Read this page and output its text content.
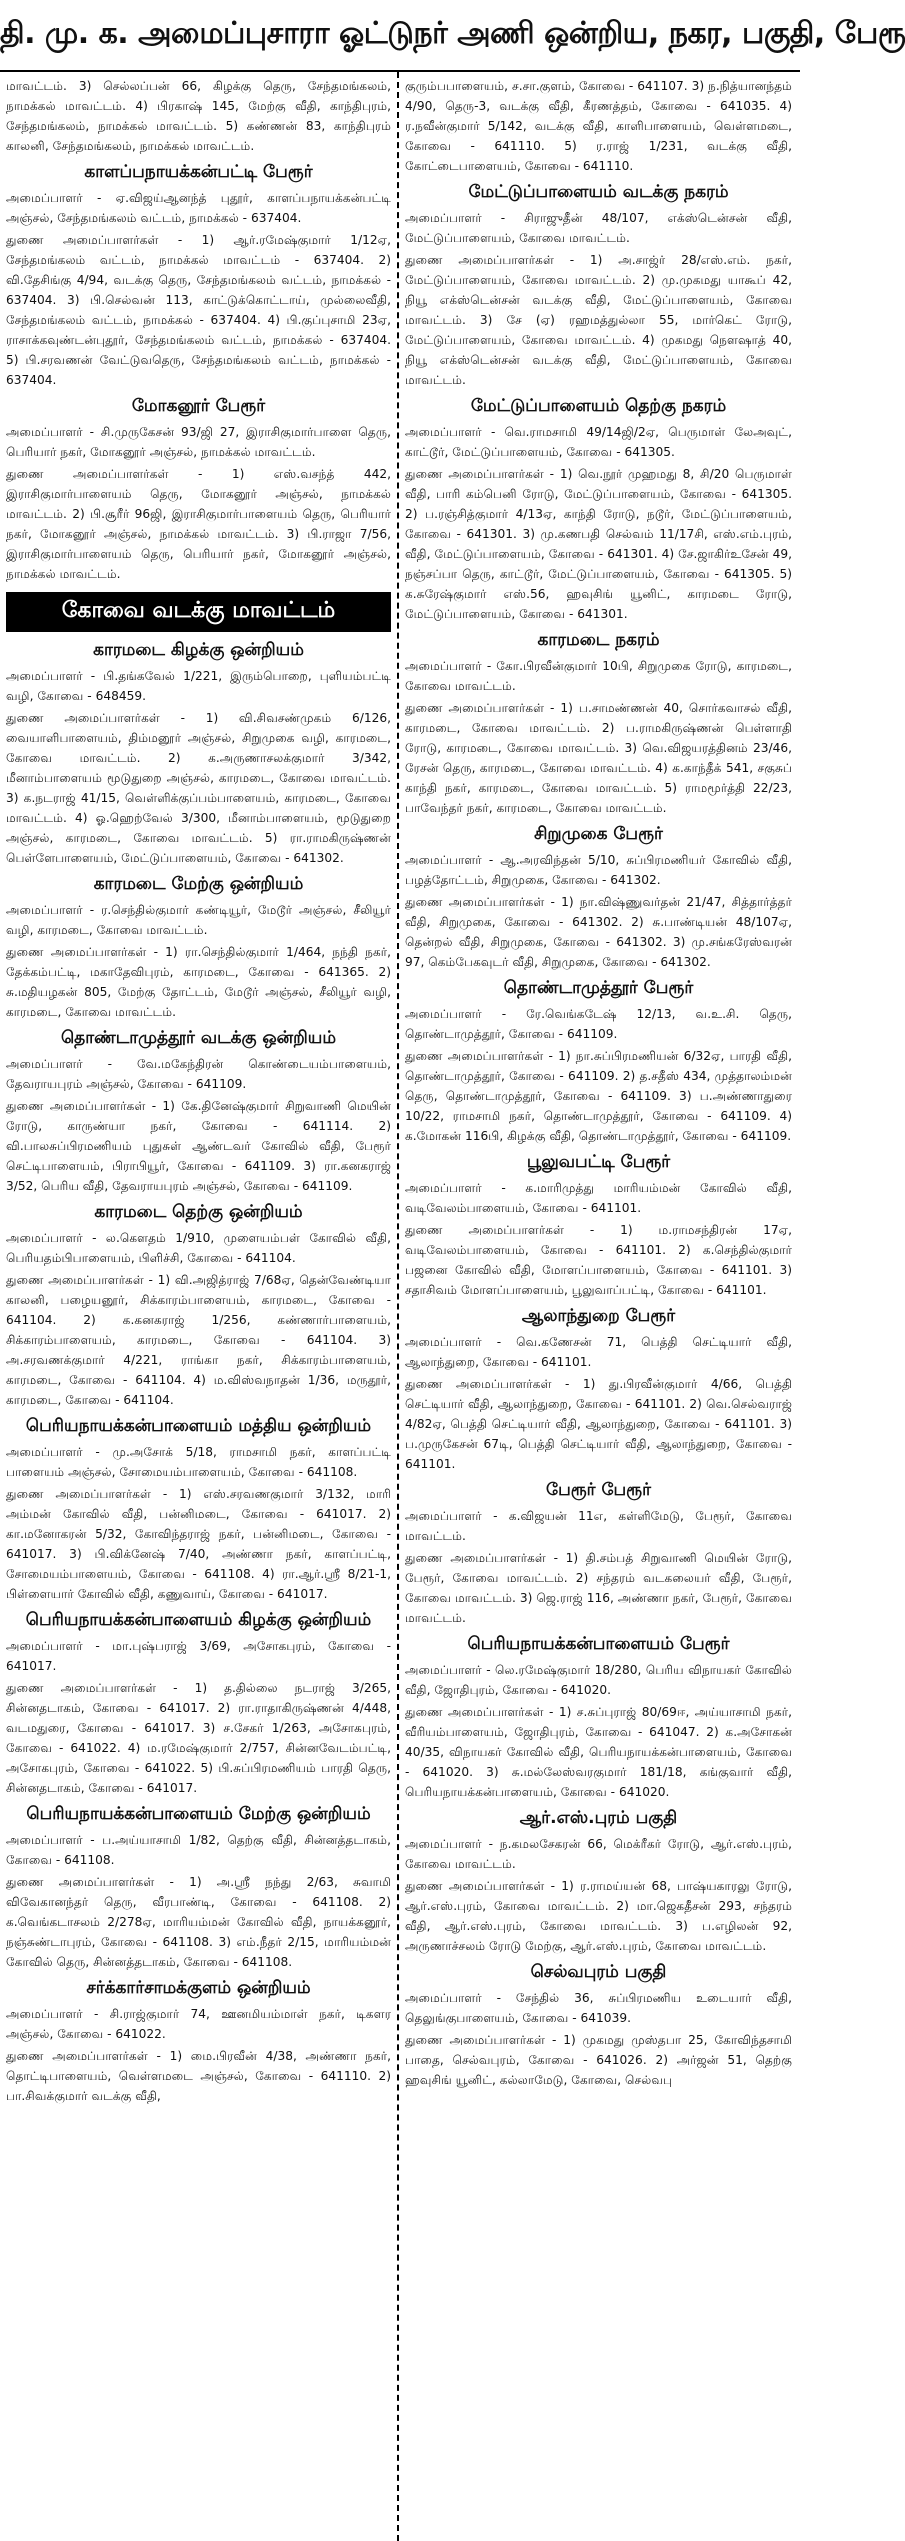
தி. மு. க. அமைப்புசாரா ஓட்டுநர் அணி ஒன்றிய, நகர, பகுதி, பேரூ

மாவட்டம். 3) செல்லப்பன் 66, கிழக்கு தெரு, சேந்தமங்கலம், நாமக்கல் மாவட்டம். 4) பிரகாஷ் 145, மேற்கு வீதி, காந்திபுரம், சேந்தமங்கலம், நாமக்கல் மாவட்டம். 5) கண்ணன் 83, காந்திபுரம் காலனி, சேந்தமங்கலம், நாமக்கல் மாவட்டம்.

காளப்பநாயக்கன்பட்டி பேரூர்

அமைப்பாளர் - ஏ.விஜய்ஆனந்த் புதூர், காளப்பநாயக்கன்பட்டி அஞ்சல், சேந்தமங்கலம் வட்டம், நாமக்கல் - 637404.

துணை அமைப்பாளர்கள் - 1) ஆர்.ரமேஷ்குமார் 1/12ஏ, சேந்தமங்கலம் வட்டம், நாமக்கல் மாவட்டம் - 637404. 2) வி.தேசிங்கு 4/94, வடக்கு தெரு, சேந்தமங்கலம் வட்டம், நாமக்கல் - 637404. 3) பி.செல்வன் 113, காட்டுக்கொட்டாய், முல்லைவீதி, சேந்தமங்கலம் வட்டம், நாமக்கல் - 637404. 4) பி.குப்புசாமி 23ஏ, ராசாக்கவுண்டன்புதூர், சேந்தமங்கலம் வட்டம், நாமக்கல் - 637404. 5) பி.சரவணன் வேட்டுவதெரு, சேந்தமங்கலம் வட்டம், நாமக்கல் - 637404.

மோகனூர் பேரூர்

அமைப்பாளர் - சி.முருகேசன் 93/ஜி 27, இராசிகுமார்பாளை தெரு, பெரியார் நகர், மோகனூர் அஞ்சல், நாமக்கல் மாவட்டம்.

துணை அமைப்பாளர்கள் - 1) எஸ்.வசந்த் 442, இராசிகுமார்பாளையம் தெரு, மோகனூர் அஞ்சல், நாமக்கல் மாவட்டம். 2) பி.சூரீர் 96ஜி, இராசிகுமார்பாளையம் தெரு, பெரியார் நகர், மோகனூர் அஞ்சல், நாமக்கல் மாவட்டம். 3) பி.ராஜா 7/56, இராசிகுமார்பாளையம் தெரு, பெரியார் நகர், மோகனூர் அஞ்சல், நாமக்கல் மாவட்டம்.

கோவை வடக்கு மாவட்டம்
காரமடை கிழக்கு ஒன்றியம்

அமைப்பாளர் - பி.தங்கவேல் 1/221, இரும்பொறை, புளியம்பட்டி வழி, கோவை - 648459.

துணை அமைப்பாளர்கள் - 1) வி.சிவசண்முகம் 6/126, வையாளிபாளையம், திம்மனூர் அஞ்சல், சிறுமுகை வழி, காரமடை, கோவை மாவட்டம். 2) க.அருணாசலக்குமார் 3/342, மீனாம்பாளையம் மூடுதுறை அஞ்சல், காரமடை, கோவை மாவட்டம். 3) க.நடராஜ் 41/15, வெள்ளிக்குப்பம்பாளையம், காரமடை, கோவை மாவட்டம். 4) ஓ.ஹெற்வேல் 3/300, மீனாம்பாளையம், மூடுதுறை அஞ்சல், காரமடை, கோவை மாவட்டம். 5) ரா.ராமகிருஷ்ணன் பெள்ளேபாளையம், மேட்டுப்பாளையம், கோவை - 641302.

காரமடை மேற்கு ஒன்றியம்

அமைப்பாளர் - ர.செந்தில்குமார் கண்டியூர், மேடூர் அஞ்சல், சீலியூர் வழி, காரமடை, கோவை மாவட்டம்.

துணை அமைப்பாளர்கள் - 1) ரா.செந்தில்குமார் 1/464, நந்தி நகர், தேக்கம்பட்டி, மகாதேவிபுரம், காரமடை, கோவை - 641365. 2) சு.மதியழகன் 805, மேற்கு தோட்டம், மேடூர் அஞ்சல், சீலியூர் வழி, காரமடை, கோவை மாவட்டம்.

தொண்டாமுத்தூர் வடக்கு ஒன்றியம்

அமைப்பாளர் - வே.மகேந்திரன் கொண்டையம்பாளையம், தேவராயபுரம் அஞ்சல், கோவை - 641109.

துணை அமைப்பாளர்கள் - 1) கே.தினேஷ்குமார் சிறுவாணி மெயின் ரோடு, காருண்யா நகர், கோவை - 641114. 2) வி.பாலசுப்பிரமணியம் புதுசுள் ஆண்டவர் கோவில் வீதி, பேரூர் செட்டிபாளையம், பிராபியூர், கோவை - 641109. 3) ரா.கனகராஜ் 3/52, பெரிய வீதி, தேவராயபுரம் அஞ்சல், கோவை - 641109.

காரமடை தெற்கு ஒன்றியம்

அமைப்பாளர் - ல.கௌதம் 1/910, முளையம்பள் கோவில் வீதி, பெரியதம்பிபாளையம், பிளிச்சி, கோவை - 641104.

துணை அமைப்பாளர்கள் - 1) வி.அஜித்ராஜ் 7/68ஏ, தென்வேண்டியா காலனி, பழையனூர், சிக்காரம்பாளையம், காரமடை, கோவை - 641104. 2) க.கனகராஜ் 1/256, கண்ணார்பாளையம், சிக்காரம்பாளையம், காரமடை, கோவை - 641104. 3) அ.சரவணக்குமார் 4/221, ராங்கா நகர், சிக்காரம்பாளையம், காரமடை, கோவை - 641104. 4) ம.விஸ்வநாதன் 1/36, மருதூர், காரமடை, கோவை - 641104.

பெரியநாயக்கன்பாளையம் மத்திய ஒன்றியம்

அமைப்பாளர் - மு.அசோக் 5/18, ராமசாமி நகர், காளப்பட்டி பாளையம் அஞ்சல், சோமையம்பாளையம், கோவை - 641108.

துணை அமைப்பாளர்கள் - 1) எஸ்.சரவணகுமார் 3/132, மாரி அம்மன் கோவில் வீதி, பன்னிமடை, கோவை - 641017. 2) கா.மனோகரன் 5/32, கோவிந்தராஜ் நகர், பன்னிமடை, கோவை - 641017. 3) பி.விக்னேஷ் 7/40, அண்ணா நகர், காளப்பட்டி, சோமையம்பாளையம், கோவை - 641108. 4) ரா.ஆர்.ஸ்ரீ 8/21-1, பிள்ளையார் கோவில் வீதி, கணுவாய், கோவை - 641017.

பெரியநாயக்கன்பாளையம் கிழக்கு ஒன்றியம்

அமைப்பாளர் - மா.புஷ்பராஜ் 3/69, அசோகபுரம், கோவை - 641017.

துணை அமைப்பாளர்கள் - 1) த.தில்லை நடராஜ் 3/265, சின்னதடாகம், கோவை - 641017. 2) ரா.ராதாகிருஷ்ணன் 4/448, வடமதுரை, கோவை - 641017. 3) ச.சேகர் 1/263, அசோகபுரம், கோவை - 641022. 4) ம.ரமேஷ்குமார் 2/757, சின்னவேடம்பட்டி, அசோகபுரம், கோவை - 641022. 5) பி.சுப்பிரமணியம் பாரதி தெரு, சின்னதடாகம், கோவை - 641017.

பெரியநாயக்கன்பாளையம் மேற்கு ஒன்றியம்

அமைப்பாளர் - ப.அய்யாசாமி 1/82, தெற்கு வீதி, சின்னத்தடாகம், கோவை - 641108.

துணை அமைப்பாளர்கள் - 1) அ.ஸ்ரீ நந்து 2/63, சுவாமி விவேகானந்தர் தெரு, வீரபாண்டி, கோவை - 641108. 2) க.வெங்கடாசலம் 2/278ஏ, மாரியம்மன் கோவில் வீதி, நாயக்கனூர், நஞ்சுண்டாபுரம், கோவை - 641108. 3) எம்.நீதர் 2/15, மாரியம்மன் கோவில் தெரு, சின்னத்தடாகம், கோவை - 641108.

சர்க்கார்சாமக்குளம் ஒன்றியம்

அமைப்பாளர் - சி.ராஜ்குமார் 74, ஊனமியம்மாள் நகர், டிகளர அஞ்சல், கோவை - 641022.

துணை அமைப்பாளர்கள் - 1) மை.பிரவீன் 4/38, அண்ணா நகர், தொட்டிபாளையம், வெள்ளமடை அஞ்சல், கோவை - 641110. 2) பா.சிவக்குமார் வடக்கு வீதி,

குரும்பபாளையம், ச.சா.குளம், கோவை - 641107. 3) ந.நித்யானந்தம் 4/90, தெரு-3, வடக்கு வீதி, கீரணத்தம், கோவை - 641035. 4) ர.நவீன்குமார் 5/142, வடக்கு வீதி, காளிபாளையம், வெள்ளமடை, கோவை - 641110. 5) ர.ராஜ் 1/231, வடக்கு வீதி, கோட்டைபாளையம், கோவை - 641110.

மேட்டுப்பாளையம் வடக்கு நகரம்

அமைப்பாளர் - சிராஜுதீன் 48/107, எக்ஸ்டென்சன் வீதி, மேட்டுப்பாளையம், கோவை மாவட்டம்.

துணை அமைப்பாளர்கள் - 1) அ.சாஜ்ர் 28/எஸ்.எம். நகர், மேட்டுப்பாளையம், கோவை மாவட்டம். 2) மு.முகமது யாகூப் 42, நியூ எக்ஸ்டென்சன் வடக்கு வீதி, மேட்டுப்பாளையம், கோவை மாவட்டம். 3) சே (ஏ) ரஹமத்துல்லா 55, மார்கெட் ரோடு, மேட்டுப்பாளையம், கோவை மாவட்டம். 4) முகமது நௌஷாத் 40, நியூ எக்ஸ்டென்சன் வடக்கு வீதி, மேட்டுப்பாளையம், கோவை மாவட்டம்.

மேட்டுப்பாளையம் தெற்கு நகரம்

அமைப்பாளர் - வெ.ராமசாமி 49/14ஜி/2ஏ, பெருமாள் லேஅவுட், காட்டூர், மேட்டுப்பாளையம், கோவை - 641305.

துணை அமைப்பாளர்கள் - 1) வெ.நூர் முஹமது 8, சி/20 பெருமாள் வீதி, பாரி கம்பெனி ரோடு, மேட்டுப்பாளையம், கோவை - 641305. 2) ப.ரஞ்சித்குமார் 4/13ஏ, காந்தி ரோடு, நடூர், மேட்டுப்பாளையம், கோவை - 641301. 3) மு.கணபதி செல்வம் 11/17சி, எஸ்.எம்.புரம், வீதி, மேட்டுப்பாளையம், கோவை - 641301. 4) சே.ஜாகிர்உசேன் 49, நஞ்சப்பா தெரு, காட்டூர், மேட்டுப்பாளையம், கோவை - 641305. 5) க.சுரேஷ்குமார் எஸ்.56, ஹவுசிங் யூனிட், காரமடை ரோடு, மேட்டுப்பாளையம், கோவை - 641301.

காரமடை நகரம்

அமைப்பாளர் - கோ.பிரவீன்குமார் 10பி, சிறுமுகை ரோடு, காரமடை, கோவை மாவட்டம்.

துணை அமைப்பாளர்கள் - 1) ப.சாமண்ணன் 40, சொர்கவாசல் வீதி, காரமடை, கோவை மாவட்டம். 2) ப.ராமகிருஷ்ணன் பெள்ளாதி ரோடு, காரமடை, கோவை மாவட்டம். 3) வெ.விஜயரத்தினம் 23/46, ரேசன் தெரு, காரமடை, கோவை மாவட்டம். 4) க.காந்தீக் 541, சகுசுப் காந்தி நகர், காரமடை, கோவை மாவட்டம். 5) ராமமூர்த்தி 22/23, பாவேந்தர் நகர், காரமடை, கோவை மாவட்டம்.

சிறுமுகை பேரூர்

அமைப்பாளர் - ஆ.அரவிந்தன் 5/10, சுப்பிரமணியர் கோவில் வீதி, பழத்தோட்டம், சிறுமுகை, கோவை - 641302.

துணை அமைப்பாளர்கள் - 1) நா.விஷ்ணுவர்தன் 21/47, சித்தார்த்தர் வீதி, சிறுமுகை, கோவை - 641302. 2) சு.பாண்டியன் 48/107ஏ, தென்றல் வீதி, சிறுமுகை, கோவை - 641302. 3) மு.சங்கரேஸ்வரன் 97, கெம்பேகவுடர் வீதி, சிறுமுகை, கோவை - 641302.

தொண்டாமுத்தூர் பேரூர்

அமைப்பாளர் - ரே.வெங்கடேஷ் 12/13, வ.உ.சி. தெரு, தொண்டாமுத்தூர், கோவை - 641109.

துணை அமைப்பாளர்கள் - 1) நா.சுப்பிரமணியன் 6/32ஏ, பாரதி வீதி, தொண்டாமுத்தூர், கோவை - 641109. 2) த.சதீஸ் 434, முத்தாலம்மன் தெரு, தொண்டாமுத்தூர், கோவை - 641109. 3) ப.அண்ணாதுரை 10/22, ராமசாமி நகர், தொண்டாமுத்தூர், கோவை - 641109. 4) க.மோகன் 116பி, கிழக்கு வீதி, தொண்டாமுத்தூர், கோவை - 641109.

பூலுவபட்டி பேரூர்

அமைப்பாளர் - க.மாரிமுத்து மாரியம்மன் கோவில் வீதி, வடிவேலம்பாளையம், கோவை - 641101.

துணை அமைப்பாளர்கள் - 1) ம.ராமசந்திரன் 17ஏ, வடிவேலம்பாளையம், கோவை - 641101. 2) க.செந்தில்குமார் பஜனை கோவில் வீதி, மோளப்பாளையம், கோவை - 641101. 3) சதாசிவம் மோளப்பாளையம், பூலுவாப்பட்டி, கோவை - 641101.

ஆலாந்துறை பேரூர்

அமைப்பாளர் - வெ.கணேசன் 71, பெத்தி செட்டியார் வீதி, ஆலாந்துறை, கோவை - 641101.

துணை அமைப்பாளர்கள் - 1) து.பிரவீன்குமார் 4/66, பெத்தி செட்டியார் வீதி, ஆலாந்துறை, கோவை - 641101. 2) வெ.செல்வராஜ் 4/82ஏ, பெத்தி செட்டியார் வீதி, ஆலாந்துறை, கோவை - 641101. 3) ப.முருகேசன் 67டி, பெத்தி செட்டியார் வீதி, ஆலாந்துறை, கோவை - 641101.

பேரூர் பேரூர்

அமைப்பாளர் - க.விஜயன் 11எ, கள்ளிமேடு, பேரூர், கோவை மாவட்டம்.

துணை அமைப்பாளர்கள் - 1) தி.சம்பத் சிறுவாணி மெயின் ரோடு, பேரூர், கோவை மாவட்டம். 2) சந்தரம் வடகலையர் வீதி, பேரூர், கோவை மாவட்டம். 3) ஜெ.ராஜ் 116, அண்ணா நகர், பேரூர், கோவை மாவட்டம்.

பெரியநாயக்கன்பாளையம் பேரூர்

அமைப்பாளர் - லெ.ரமேஷ்குமார் 18/280, பெரிய விநாயகர் கோவில் வீதி, ஜோதிபுரம், கோவை - 641020.

துணை அமைப்பாளர்கள் - 1) ச.சுப்புராஜ் 80/69ஈ, அய்யாசாமி நகர், வீரியம்பாளையம், ஜோதிபுரம், கோவை - 641047. 2) க.அசோகன் 40/35, விநாயகர் கோவில் வீதி, பெரியநாயக்கன்பாளையம், கோவை - 641020. 3) சு.மல்லேஸ்வரகுமார் 181/18, கங்குவார் வீதி, பெரியநாயக்கன்பாளையம், கோவை - 641020.

ஆர்.எஸ்.புரம் பகுதி

அமைப்பாளர் - ந.கமலசேகரன் 66, மெக்ரீகர் ரோடு, ஆர்.எஸ்.புரம், கோவை மாவட்டம்.

துணை அமைப்பாளர்கள் - 1) ர.ராமய்யன் 68, பாஷ்யகாரலு ரோடு, ஆர்.எஸ்.புரம், கோவை மாவட்டம். 2) மா.ஜெகதீசன் 293, சந்தரம் வீதி, ஆர்.எஸ்.புரம், கோவை மாவட்டம். 3) ப.எழிலன் 92, அருணாச்சலம் ரோடு மேற்கு, ஆர்.எஸ்.புரம், கோவை மாவட்டம்.

செல்வபுரம் பகுதி

அமைப்பாளர் - சேந்தில் 36, சுப்பிரமணிய உடையார் வீதி, தெலுங்குபாளையம், கோவை - 641039.

துணை அமைப்பாளர்கள் - 1) முகமது முஸ்தபா 25, கோவிந்தசாமி பாதை, செல்வபுரம், கோவை - 641026. 2) அர்ஜன் 51, தெற்கு ஹவுசிங் யூனிட், கல்லாமேடு, கோவை, செல்வபு
